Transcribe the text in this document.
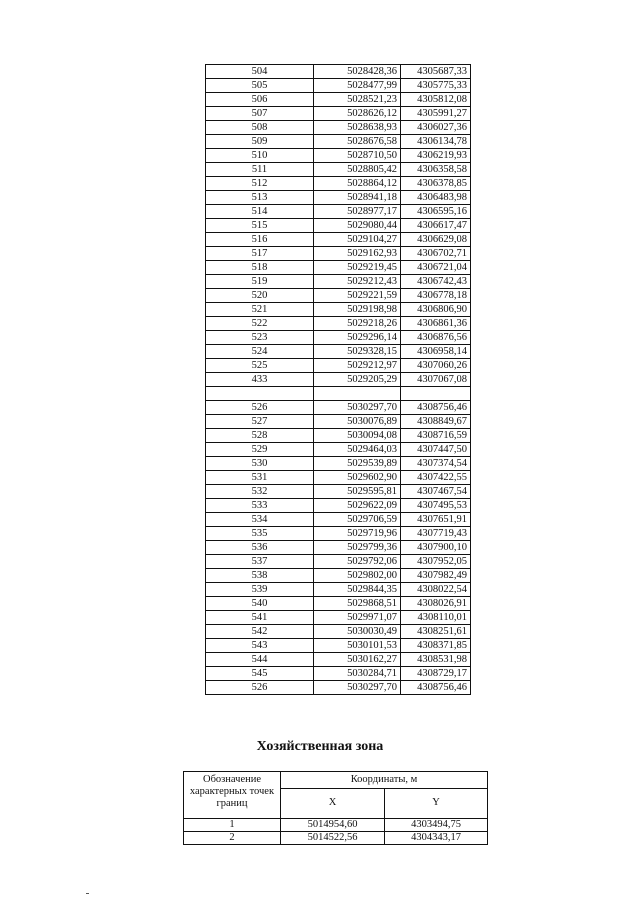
504	5028428,36	4305687,33
505	5028477,99	4305775,33
506	5028521,23	4305812,08
507	5028626,12	4305991,27
508	5028638,93	4306027,36
509	5028676,58	4306134,78
510	5028710,50	4306219,93
511	5028805,42	4306358,58
512	5028864,12	4306378,85
513	5028941,18	4306483,98
514	5028977,17	4306595,16
515	5029080,44	4306617,47
516	5029104,27	4306629,08
517	5029162,93	4306702,71
518	5029219,45	4306721,04
519	5029212,43	4306742,43
520	5029221,59	4306778,18
521	5029198,98	4306806,90
522	5029218,26	4306861,36
523	5029296,14	4306876,56
524	5029328,15	4306958,14
525	5029212,97	4307060,26
433	5029205,29	4307067,08

526	5030297,70	4308756,46
527	5030076,89	4308849,67
528	5030094,08	4308716,59
529	5029464,03	4307447,50
530	5029539,89	4307374,54
531	5029602,90	4307422,55
532	5029595,81	4307467,54
533	5029622,09	4307495,53
534	5029706,59	4307651,91
535	5029719,96	4307719,43
536	5029799,36	4307900,10
537	5029792,06	4307952,05
538	5029802,00	4307982,49
539	5029844,35	4308022,54
540	5029868,51	4308026,91
541	5029971,07	4308110,01
542	5030030,49	4308251,61
543	5030101,53	4308371,85
544	5030162,27	4308531,98
545	5030284,71	4308729,17
526	5030297,70	4308756,46
Хозяйственная зона
Обозначение характерных точек границ	Координаты, м	
	X	Y
1	5014954,60	4303494,75
2	5014522,56	4304343,17
